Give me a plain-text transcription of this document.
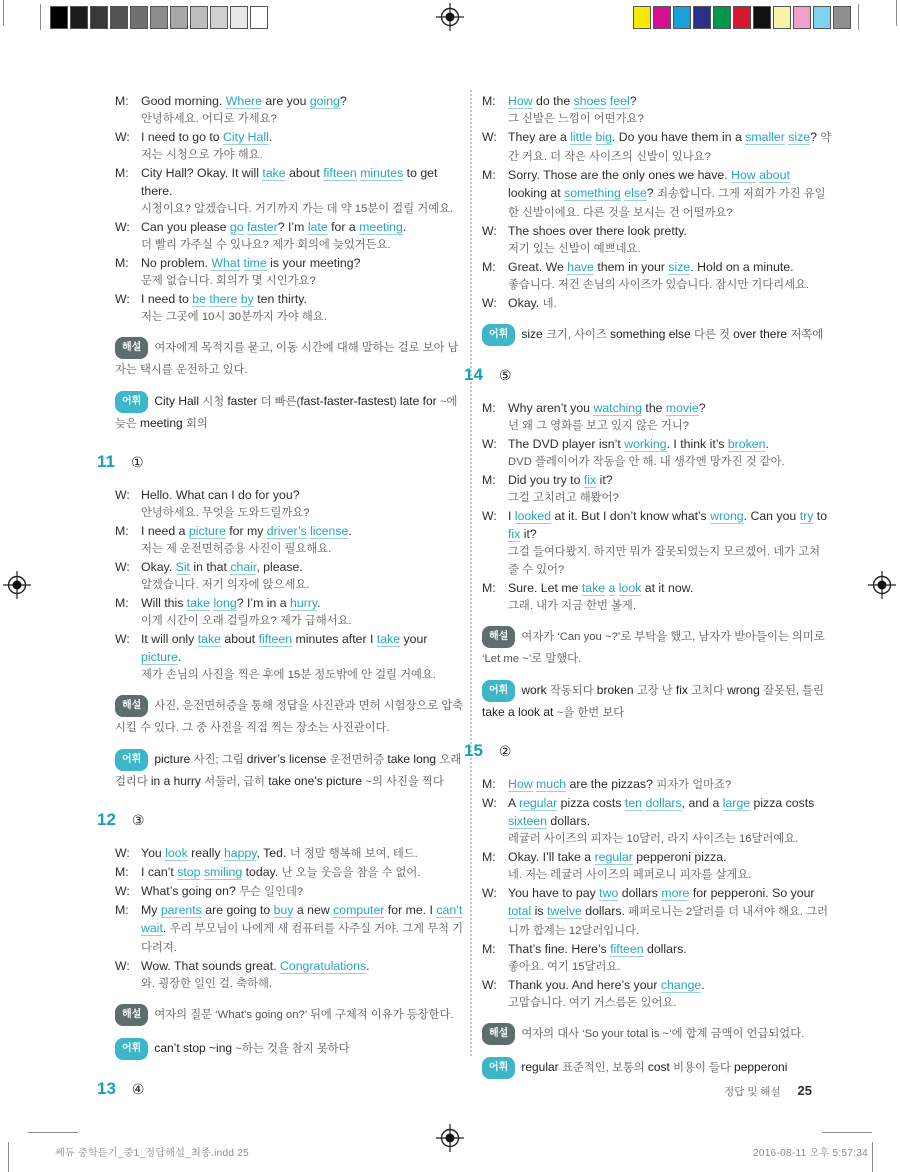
M:	Good morning. Where are you going?
안녕하세요. 어디로 가세요?
W: I need to go to City Hall.
저는 시청으로 가야 해요.
M:	City Hall? Okay. It will take about fifteen minutes to get there.
시청이요? 알겠습니다. 거기까지 가는 데 약 15분이 걸릴 거예요.
W: Can you please go faster? I’m late for a meeting.
더 빨리 가주실 수 있나요? 제가 회의에 늦었거든요.
M:	No problem. What time is your meeting?
문제 없습니다. 회의가 몇 시인가요?
W: I need to be there by ten thirty.
저는 그곳에 10시 30분까지 가야 해요.
해설 여자에게 목적지를 묻고, 이동 시간에 대해 말하는 걸로 보아 남자는 택시를 운전하고 있다.
어휘 City Hall 시청 faster 더 빠른(fast-faster-fastest) late for ~에 늦은 meeting 회의
11 ①
W: Hello. What can I do for you?
안녕하세요. 무엇을 도와드릴까요?
M:	I need a picture for my driver’s license.
저는 제 운전면허증용 사진이 필요해요.
W: Okay. Sit in that chair, please.
알겠습니다. 저기 의자에 앉으세요.
M:	Will this take long? I’m in a hurry.
이게 시간이 오래 걸릴까요? 제가 급해서요.
W: It will only take about fifteen minutes after I take your picture.
제가 손님의 사진을 찍은 후에 15분 정도밖에 안 걸릴 거예요.
해설 사진, 운전면허증을 통해 정답을 사진관과 면허 시험장으로 압축시킬 수 있다. 그 중 사진을 직접 찍는 장소는 사진관이다.
어휘 picture 사진; 그림 driver’s license 운전면허증 take long 오래 걸리다 in a hurry 서둘러, 급히 take one’s picture ~의 사진을 찍다
12 ③
W: You look really happy, Ted. 너 정말 행복해 보여, 테드.
M:	I can’t stop smiling today. 난 오늘 웃음을 참을 수 없어.
W: What’s going on? 무슨 일인데?
M:	My parents are going to buy a new computer for me. I can’t wait. 우리 부모님이 나에게 새 컴퓨터를 사주실 거야. 그게 무척 기다려져.
W: Wow. That sounds great. Congratulations.
와. 굉장한 일인 걸. 축하해.
해설 여자의 질문 ‘What’s going on?’ 뒤에 구체적 이유가 등장한다.
어휘 can’t stop ~ing ~하는 것을 참지 못하다
13 ④
M:	How do the shoes feel?
그 신발은 느낌이 어떤가요?
W: They are a little big. Do you have them in a smaller size? 약간 커요. 더 작은 사이즈의 신발이 있나요?
M:	Sorry. Those are the only ones we have. How about looking at something else? 죄송합니다. 그게 저희가 가진 유일한 신발이에요. 다른 것을 보시는 건 어떨까요?
W: The shoes over there look pretty.
저기 있는 신발이 예쁘네요.
M:	Great. We have them in your size. Hold on a minute.
좋습니다. 저건 손님의 사이즈가 있습니다. 잠시만 기다리세요.
W: Okay. 네.
어휘 size 크기, 사이즈 something else 다른 것 over there 저쪽에
14 ⑤
M:	Why aren’t you watching the movie?
넌 왜 그 영화를 보고 있지 않은 거니?
W: The DVD player isn’t working. I think it’s broken.
DVD 플레이어가 작동을 안 해. 내 생각엔 망가진 것 같아.
M:	Did you try to fix it?
그걸 고치려고 해봤어?
W: I looked at it. But I don’t know what’s wrong. Can you try to fix it?
그걸 들여다봤지. 하지만 뭐가 잘못되었는지 모르겠어. 네가 고쳐 줄 수 있어?
M:	Sure. Let me take a look at it now.
그래. 내가 지금 한번 볼게.
해설 여자가 ‘Can you ~?’로 부탁을 했고, 남자가 받아들이는 의미로 ‘Let me ~’로 말했다.
어휘 work 작동되다 broken 고장 난 fix 고치다 wrong 잘못된, 틀린 take a look at ~을 한번 보다
15 ②
M:	How much are the pizzas? 피자가 얼마죠?
W: A regular pizza costs ten dollars, and a large pizza costs sixteen dollars.
레귤러 사이즈의 피자는 10달러, 라지 사이즈는 16달러예요.
M:	Okay. I’ll take a regular pepperoni pizza.
네. 저는 레귤러 사이즈의 페퍼로니 피자를 살게요.
W: You have to pay two dollars more for pepperoni. So your total is twelve dollars. 페퍼로니는 2달러를 더 내셔야 해요. 그러니까 합계는 12달러입니다.
M:	That’s fine. Here’s fifteen dollars.
좋아요. 여기 15달러요.
W: Thank you. And here’s your change.
고맙습니다. 여기 거스름돈 있어요.
해설 여자의 대사 ‘So your total is ~’에 합계 금액이 언급되었다.
어휘 regular 표준적인, 보통의 cost 비용이 들다 pepperoni
정답 및 해설 25
쎄듀 중학듣기_중1_정답해설_최종.indd 25	2016-08-11 오후 5:57:34
